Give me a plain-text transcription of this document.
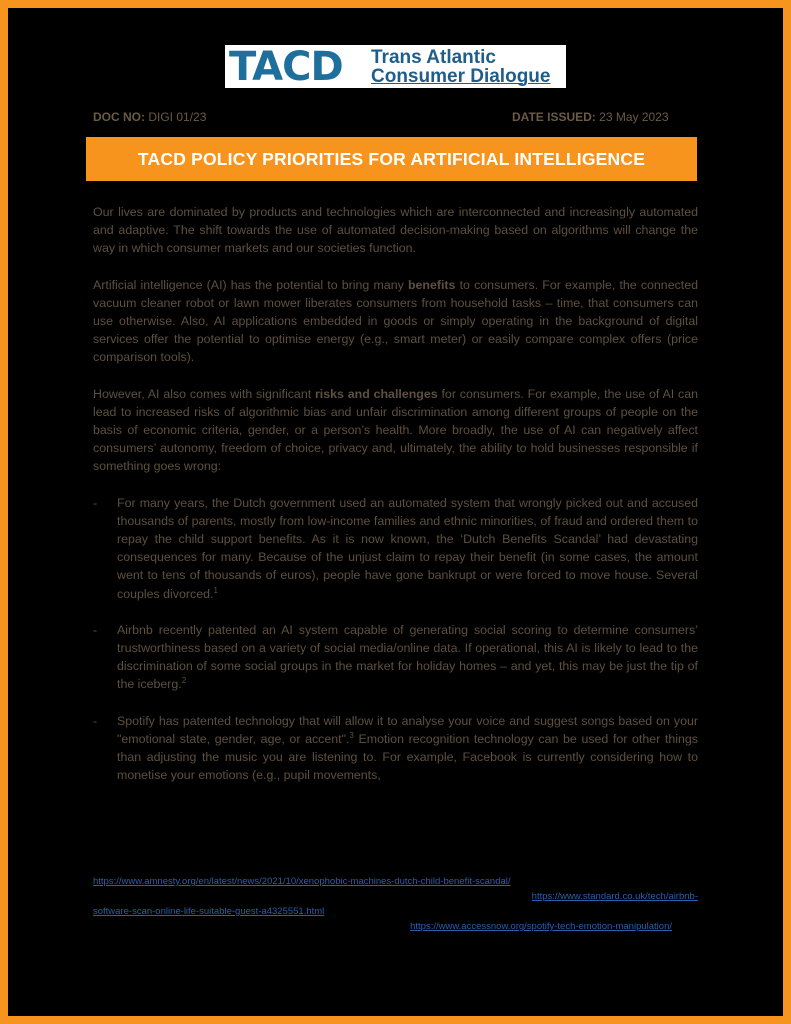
TACD	Trans Atlantic
Consumer Dialogue
DOC NO: DIGI 01/23	DATE ISSUED: 23 May 2023
TACD POLICY PRIORITIES FOR ARTIFICIAL INTELLIGENCE

Our lives are dominated by products and technologies which are interconnected and increasingly automated and adaptive. The shift towards the use of automated decision-making based on algorithms will change the way in which consumer markets and our societies function.

Artificial intelligence (AI) has the potential to bring many benefits to consumers. For example, the connected vacuum cleaner robot or lawn mower liberates consumers from household tasks – time, that consumers can use otherwise. Also, AI applications embedded in goods or simply operating in the background of digital services offer the potential to optimise energy (e.g., smart meter) or easily compare complex offers (price comparison tools).

However, AI also comes with significant risks and challenges for consumers. For example, the use of AI can lead to increased risks of algorithmic bias and unfair discrimination among different groups of people on the basis of economic criteria, gender, or a person’s health. More broadly, the use of AI can negatively affect consumers’ autonomy, freedom of choice, privacy and, ultimately, the ability to hold businesses responsible if something goes wrong:

-	For many years, the Dutch government used an automated system that wrongly picked out and accused thousands of parents, mostly from low-income families and ethnic minorities, of fraud and ordered them to repay the child support benefits. As it is now known, the ‘Dutch Benefits Scandal’ had devastating consequences for many. Because of the unjust claim to repay their benefit (in some cases, the amount went to tens of thousands of euros), people have gone bankrupt or were forced to move house. Several couples divorced.$^1$
-	Airbnb recently patented an AI system capable of generating social scoring to determine consumers’ trustworthiness based on a variety of social media/online data. If operational, this AI is likely to lead to the discrimination of some social groups in the market for holiday homes – and yet, this may be just the tip of the iceberg.$^2$
-	Spotify has patented technology that will allow it to analyse your voice and suggest songs based on your "emotional state, gender, age, or accent".$^3$ Emotion recognition technology can be used for other things than adjusting the music you are listening to. For example, Facebook is currently considering how to monetise your emotions (e.g., pupil movements,
https://www.amnesty.org/en/latest/news/2021/10/xenophobic-machines-dutch-child-benefit-scandal/
https://www.standard.co.uk/tech/airbnb-
software-scan-online-life-suitable-guest-a4325551.html
https://www.accessnow.org/spotify-tech-emotion-manipulation/
